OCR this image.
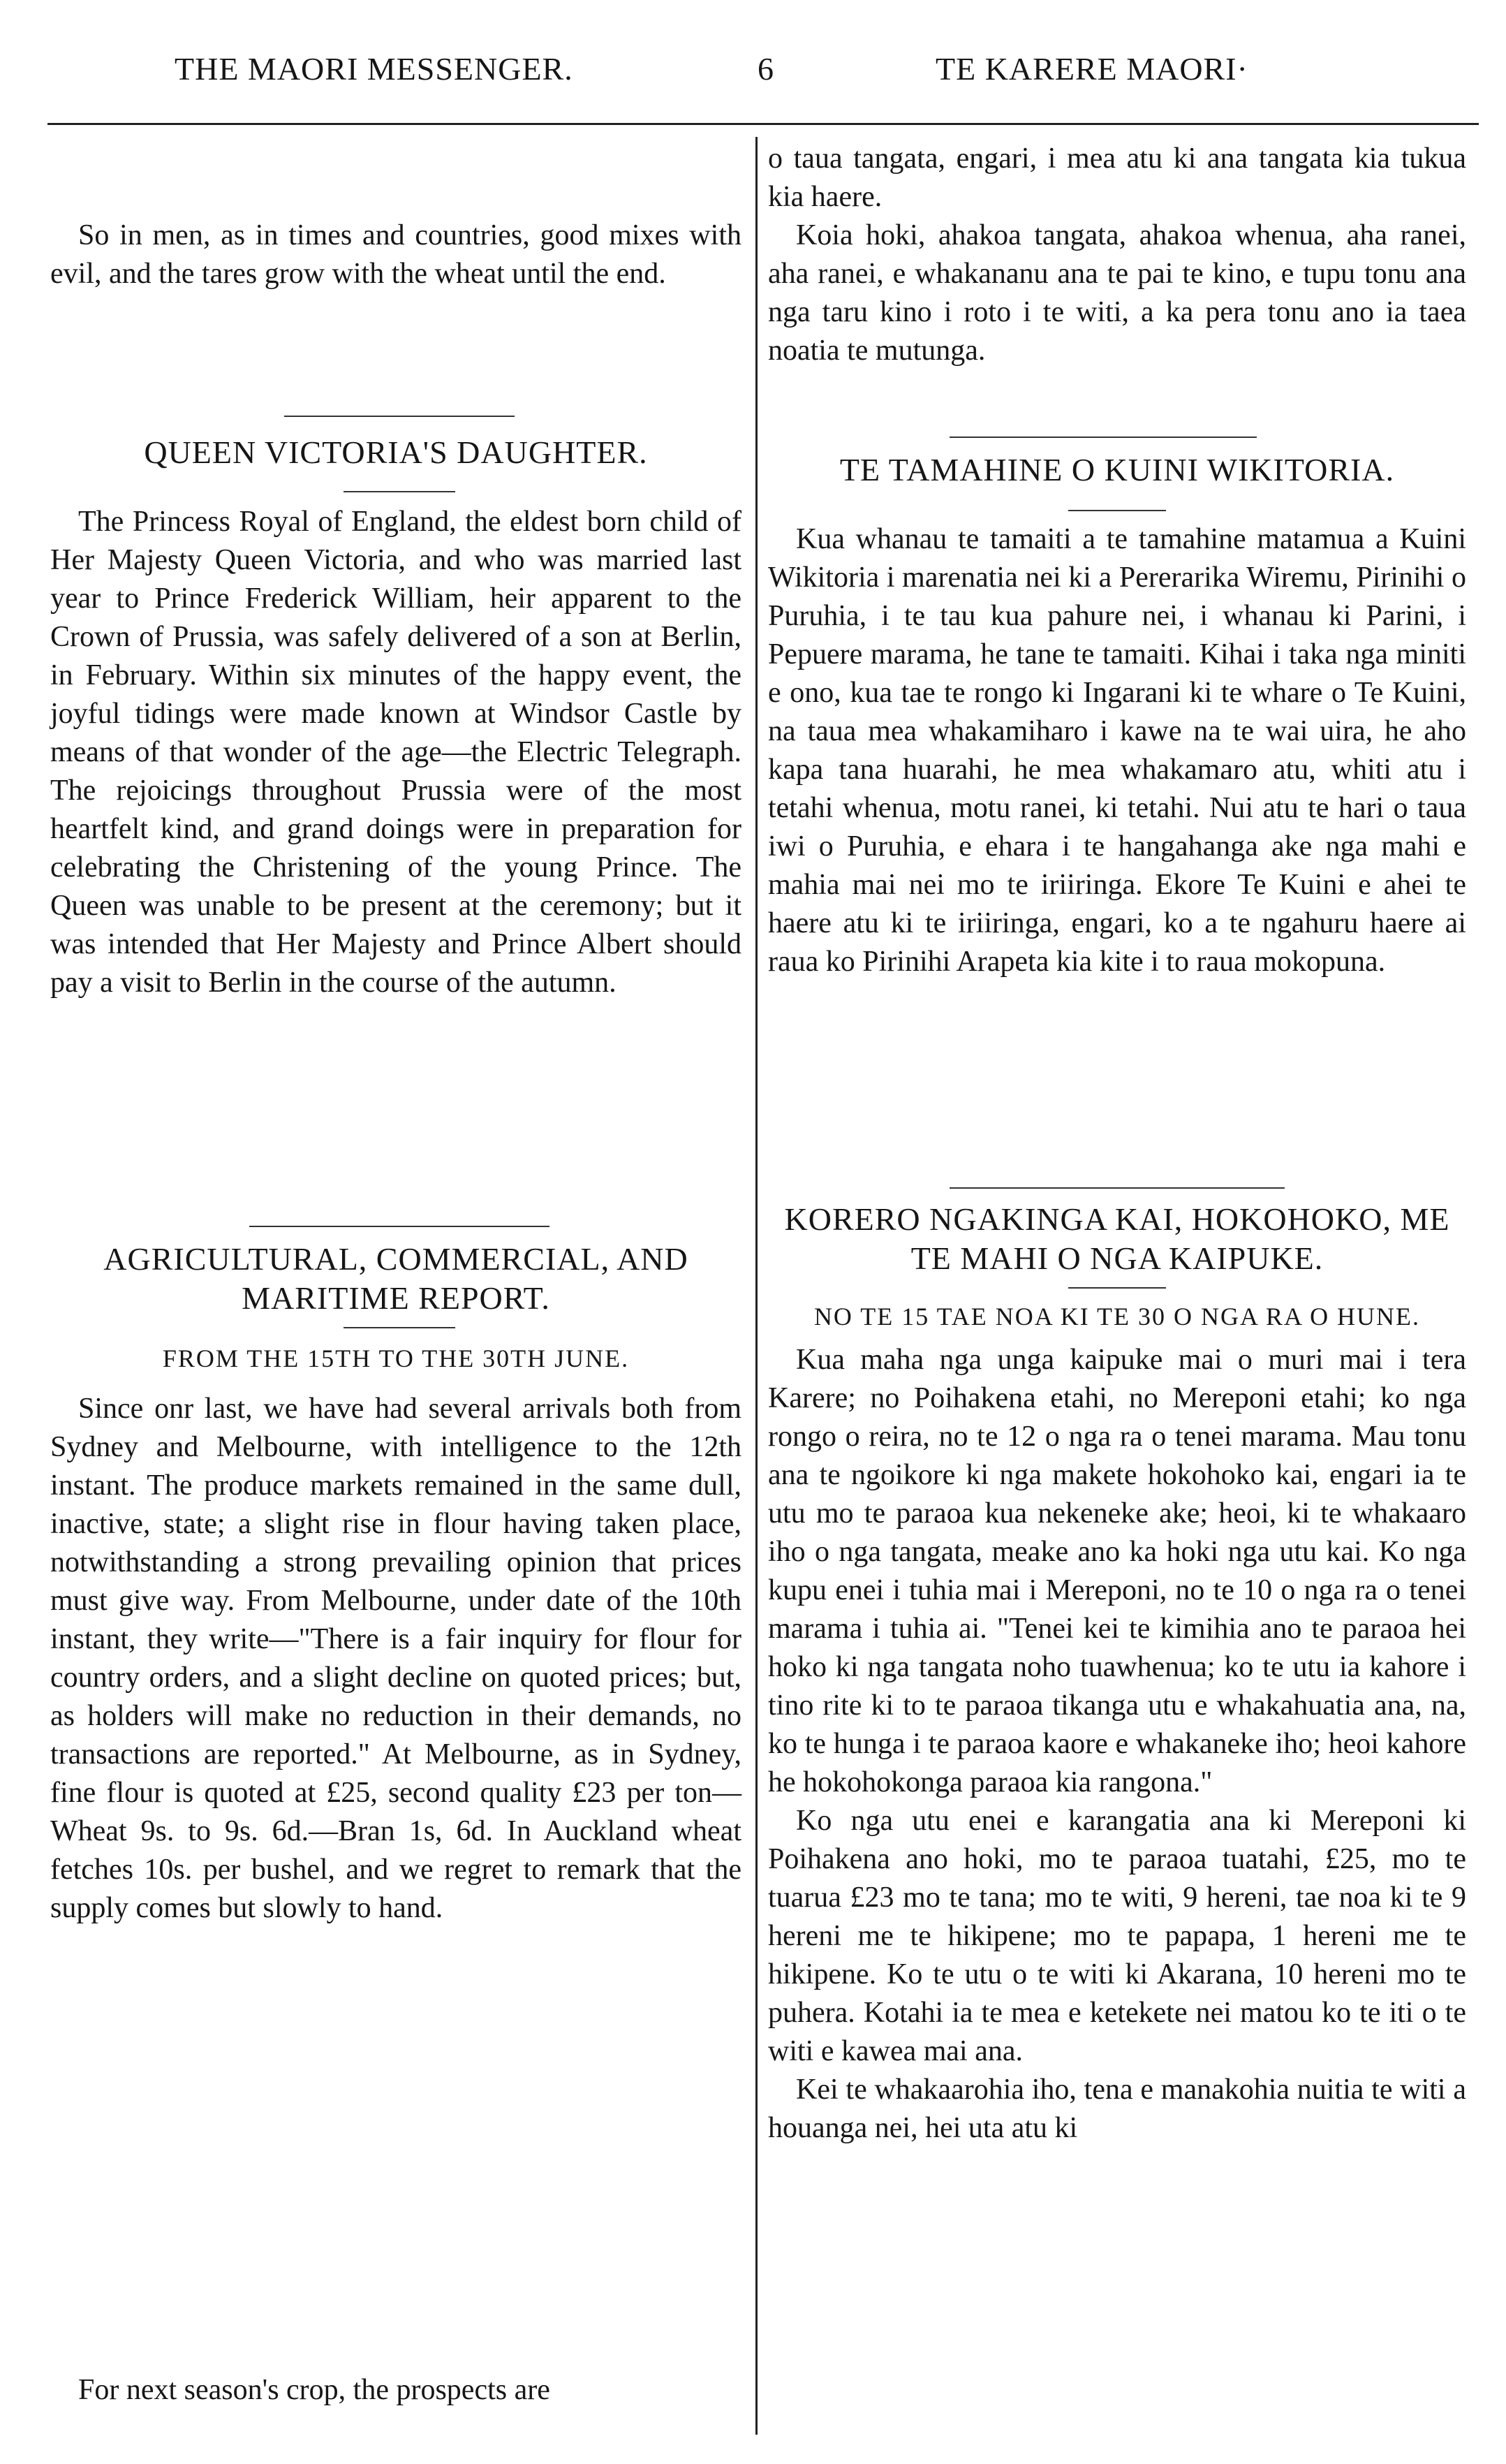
THE MAORI MESSENGER.	6	TE KARERE MAORI·

So in men, as in times and countries, good mixes with evil, and the tares grow with the wheat until the end.

QUEEN VICTORIA'S DAUGHTER.

The Princess Royal of England, the eldest born child of Her Majesty Queen Victoria, and who was married last year to Prince Frederick William, heir apparent to the Crown of Prussia, was safely delivered of a son at Berlin, in February. Within six minutes of the happy event, the joyful tidings were made known at Windsor Castle by means of that wonder of the age—the Electric Telegraph. The rejoicings throughout Prussia were of the most heartfelt kind, and grand doings were in preparation for celebrating the Christening of the young Prince. The Queen was unable to be present at the ceremony; but it was intended that Her Majesty and Prince Albert should pay a visit to Berlin in the course of the autumn.

AGRICULTURAL, COMMERCIAL, AND MARITIME REPORT.

FROM THE 15TH TO THE 30TH JUNE.

Since onr last, we have had several arrivals both from Sydney and Melbourne, with intelligence to the 12th instant. The produce markets remained in the same dull, inactive, state; a slight rise in flour having taken place, notwithstanding a strong prevailing opinion that prices must give way. From Melbourne, under date of the 10th instant, they write—"There is a fair inquiry for flour for country orders, and a slight decline on quoted prices; but, as holders will make no reduction in their demands, no transactions are reported." At Melbourne, as in Sydney, fine flour is quoted at £25, second quality £23 per ton—Wheat 9s. to 9s. 6d.—Bran 1s, 6d. In Auckland wheat fetches 10s. per bushel, and we regret to remark that the supply comes but slowly to hand.

For next season's crop, the prospects are

o taua tangata, engari, i mea atu ki ana tangata kia tukua kia haere.

Koia hoki, ahakoa tangata, ahakoa whenua, aha ranei, aha ranei, e whakananu ana te pai te kino, e tupu tonu ana nga taru kino i roto i te witi, a ka pera tonu ano ia taea noatia te mutunga.

TE TAMAHINE O KUINI WIKITORIA.

Kua whanau te tamaiti a te tamahine matamua a Kuini Wikitoria i marenatia nei ki a Pererarika Wiremu, Pirinihi o Puruhia, i te tau kua pahure nei, i whanau ki Parini, i Pepuere marama, he tane te tamaiti. Kihai i taka nga miniti e ono, kua tae te rongo ki Ingarani ki te whare o Te Kuini, na taua mea whakamiharo i kawe na te wai uira, he aho kapa tana huarahi, he mea whakamaro atu, whiti atu i tetahi whenua, motu ranei, ki tetahi. Nui atu te hari o taua iwi o Puruhia, e ehara i te hangahanga ake nga mahi e mahia mai nei mo te iriiringa. Ekore Te Kuini e ahei te haere atu ki te iriiringa, engari, ko a te ngahuru haere ai raua ko Pirinihi Arapeta kia kite i to raua mokopuna.

KORERO NGAKINGA KAI, HOKOHOKO, ME TE MAHI O NGA KAIPUKE.

NO TE 15 TAE NOA KI TE 30 O NGA RA O HUNE.

Kua maha nga unga kaipuke mai o muri mai i tera Karere; no Poihakena etahi, no Mereponi etahi; ko nga rongo o reira, no te 12 o nga ra o tenei marama. Mau tonu ana te ngoikore ki nga makete hokohoko kai, engari ia te utu mo te paraoa kua nekeneke ake; heoi, ki te whakaaro iho o nga tangata, meake ano ka hoki nga utu kai. Ko nga kupu enei i tuhia mai i Mereponi, no te 10 o nga ra o tenei marama i tuhia ai. "Tenei kei te kimihia ano te paraoa hei hoko ki nga tangata noho tuawhenua; ko te utu ia kahore i tino rite ki to te paraoa tikanga utu e whakahuatia ana, na, ko te hunga i te paraoa kaore e whakaneke iho; heoi kahore he hokohokonga paraoa kia rangona."

Ko nga utu enei e karangatia ana ki Mereponi ki Poihakena ano hoki, mo te paraoa tuatahi, £25, mo te tuarua £23 mo te tana; mo te witi, 9 hereni, tae noa ki te 9 hereni me te hikipene; mo te papapa, 1 hereni me te hikipene. Ko te utu o te witi ki Akarana, 10 hereni mo te puhera. Kotahi ia te mea e ketekete nei matou ko te iti o te witi e kawea mai ana.

Kei te whakaarohia iho, tena e manakohia nuitia te witi a houanga nei, hei uta atu ki
